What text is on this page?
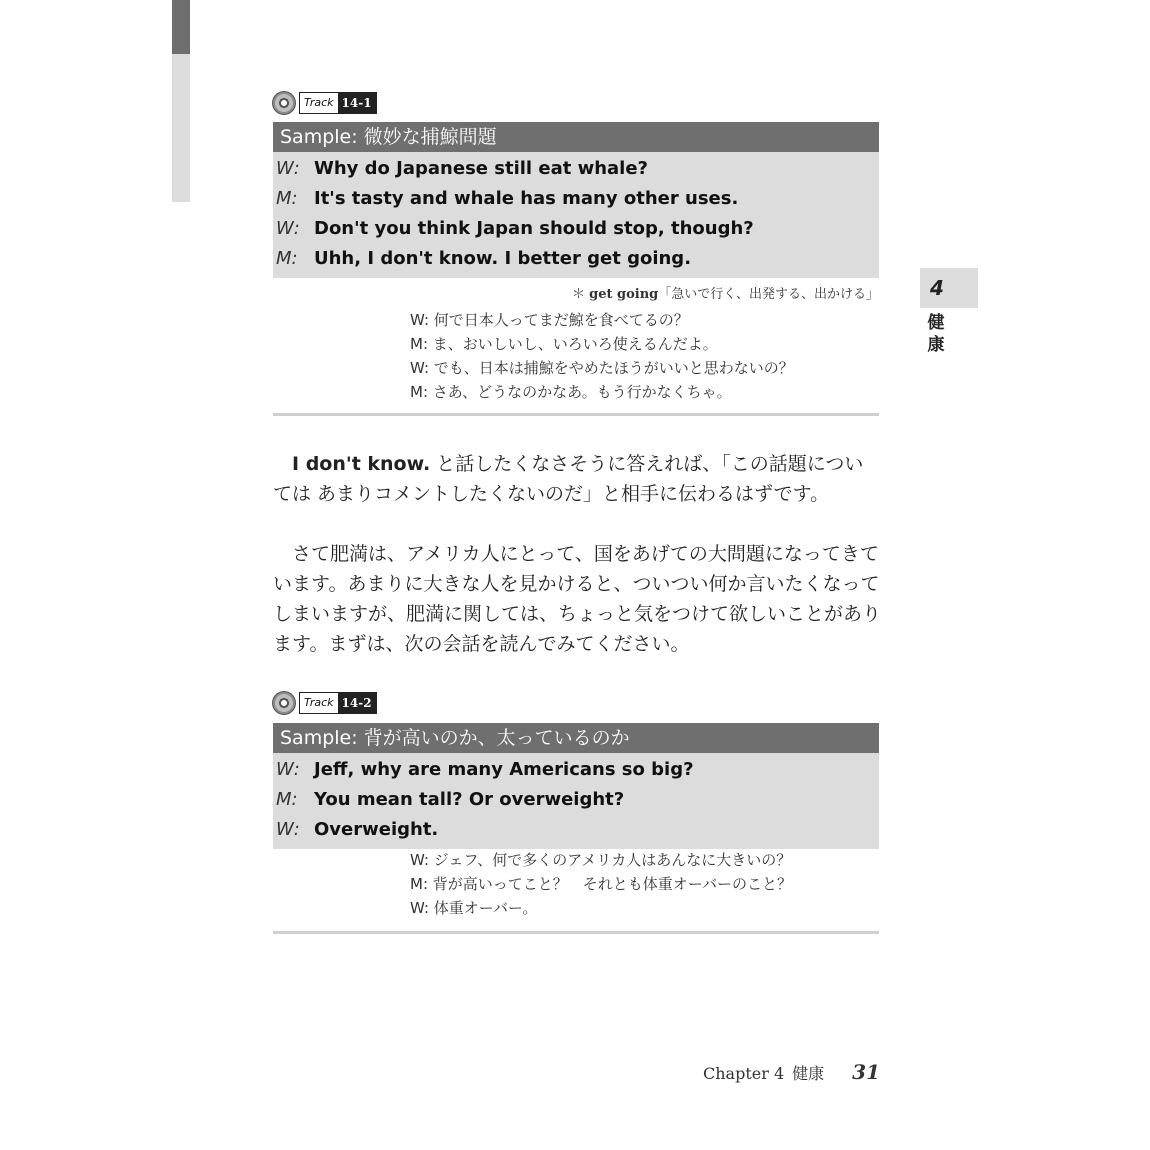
Track 14-1
Sample: 微妙な捕鯨問題
W: Why do Japanese still eat whale?
M: It's tasty and whale has many other uses.
W: Don't you think Japan should stop, though?
M: Uhh, I don't know. I better get going.
＊ get going「急いで行く、出発する、出かける」
W: 何で日本人ってまだ鯨を食べてるの？
M: ま、おいしいし、いろいろ使えるんだよ。
W: でも、日本は捕鯨をやめたほうがいいと思わないの？
M: さあ、どうなのかなあ。もう行かなくちゃ。

　I don't know. と話したくなさそうに答えれば、「この話題については あまりコメントしたくないのだ」と相手に伝わるはずです。

　さて肥満は、アメリカ人にとって、国をあげての大問題になってきています。あまりに大きな人を見かけると、ついつい何か言いたくなってしまいますが、肥満に関しては、ちょっと気をつけて欲しいことがあります。まずは、次の会話を読んでみてください。

Track 14-2
Sample: 背が高いのか、太っているのか
W: Jeff, why are many Americans so big?
M: You mean tall? Or overweight?
W: Overweight.
W: ジェフ、何で多くのアメリカ人はあんなに大きいの？
M: 背が高いってこと？　それとも体重オーバーのこと？
W: 体重オーバー。
4
健
康
Chapter 4 健康 31
